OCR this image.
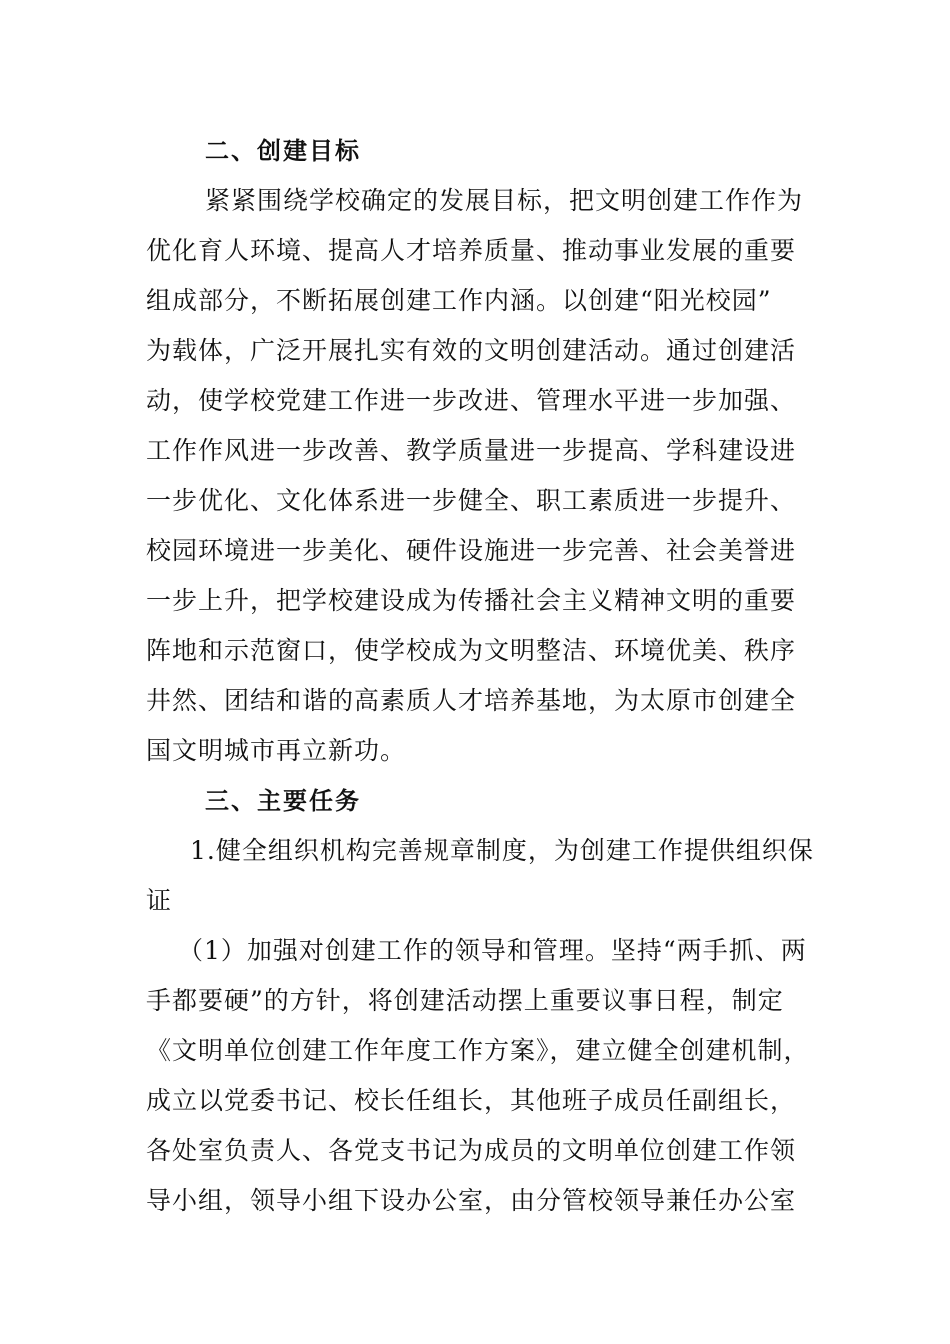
二、创建目标
紧紧围绕学校确定的发展目标，把文明创建工作作为
优化育人环境、提高人才培养质量、推动事业发展的重要
组成部分，不断拓展创建工作内涵。以创建“阳光校园”
为载体，广泛开展扎实有效的文明创建活动。通过创建活
动，使学校党建工作进一步改进、管理水平进一步加强、
工作作风进一步改善、教学质量进一步提高、学科建设进
一步优化、文化体系进一步健全、职工素质进一步提升、
校园环境进一步美化、硬件设施进一步完善、社会美誉进
一步上升，把学校建设成为传播社会主义精神文明的重要
阵地和示范窗口，使学校成为文明整洁、环境优美、秩序
井然、团结和谐的高素质人才培养基地，为太原市创建全
国文明城市再立新功。
三、主要任务
1.健全组织机构完善规章制度，为创建工作提供组织保
证
（1）加强对创建工作的领导和管理。坚持“两手抓、两
手都要硬”的方针，将创建活动摆上重要议事日程，制定
《文明单位创建工作年度工作方案》，建立健全创建机制，
成立以党委书记、校长任组长，其他班子成员任副组长，
各处室负责人、各党支书记为成员的文明单位创建工作领
导小组，领导小组下设办公室，由分管校领导兼任办公室
